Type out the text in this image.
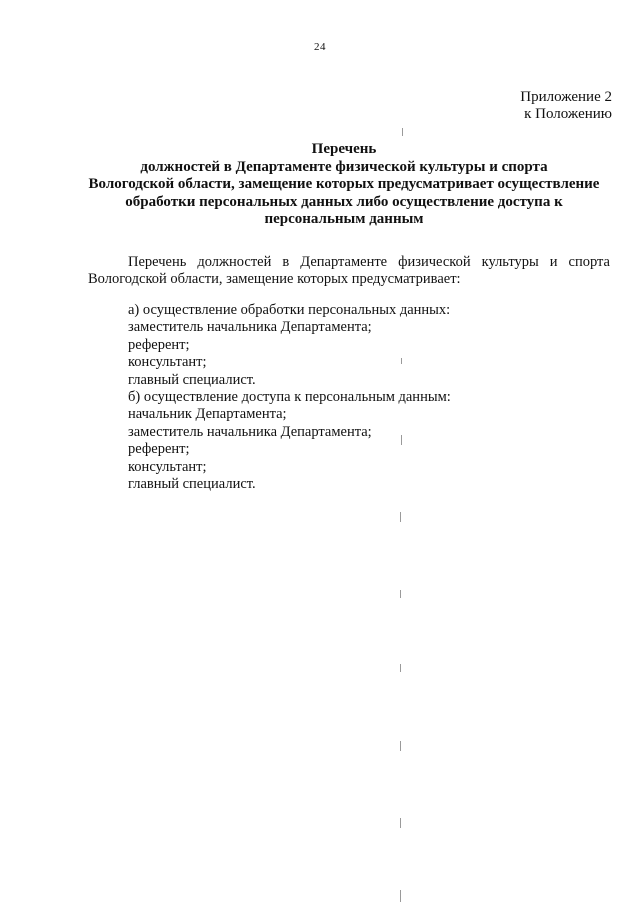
24
Приложение 2
к Положению
Перечень
должностей в Департаменте физической культуры и спорта
Вологодской области, замещение которых предусматривает осуществление
обработки персональных данных либо осуществление доступа к
персональным данным
Перечень должностей в Департаменте физической культуры и спорта Вологодской области, замещение которых предусматривает:
а) осуществление обработки персональных данных:
заместитель начальника Департамента;
референт;
консультант;
главный специалист.
б) осуществление доступа к персональным данным:
начальник Департамента;
заместитель начальника Департамента;
референт;
консультант;
главный специалист.
